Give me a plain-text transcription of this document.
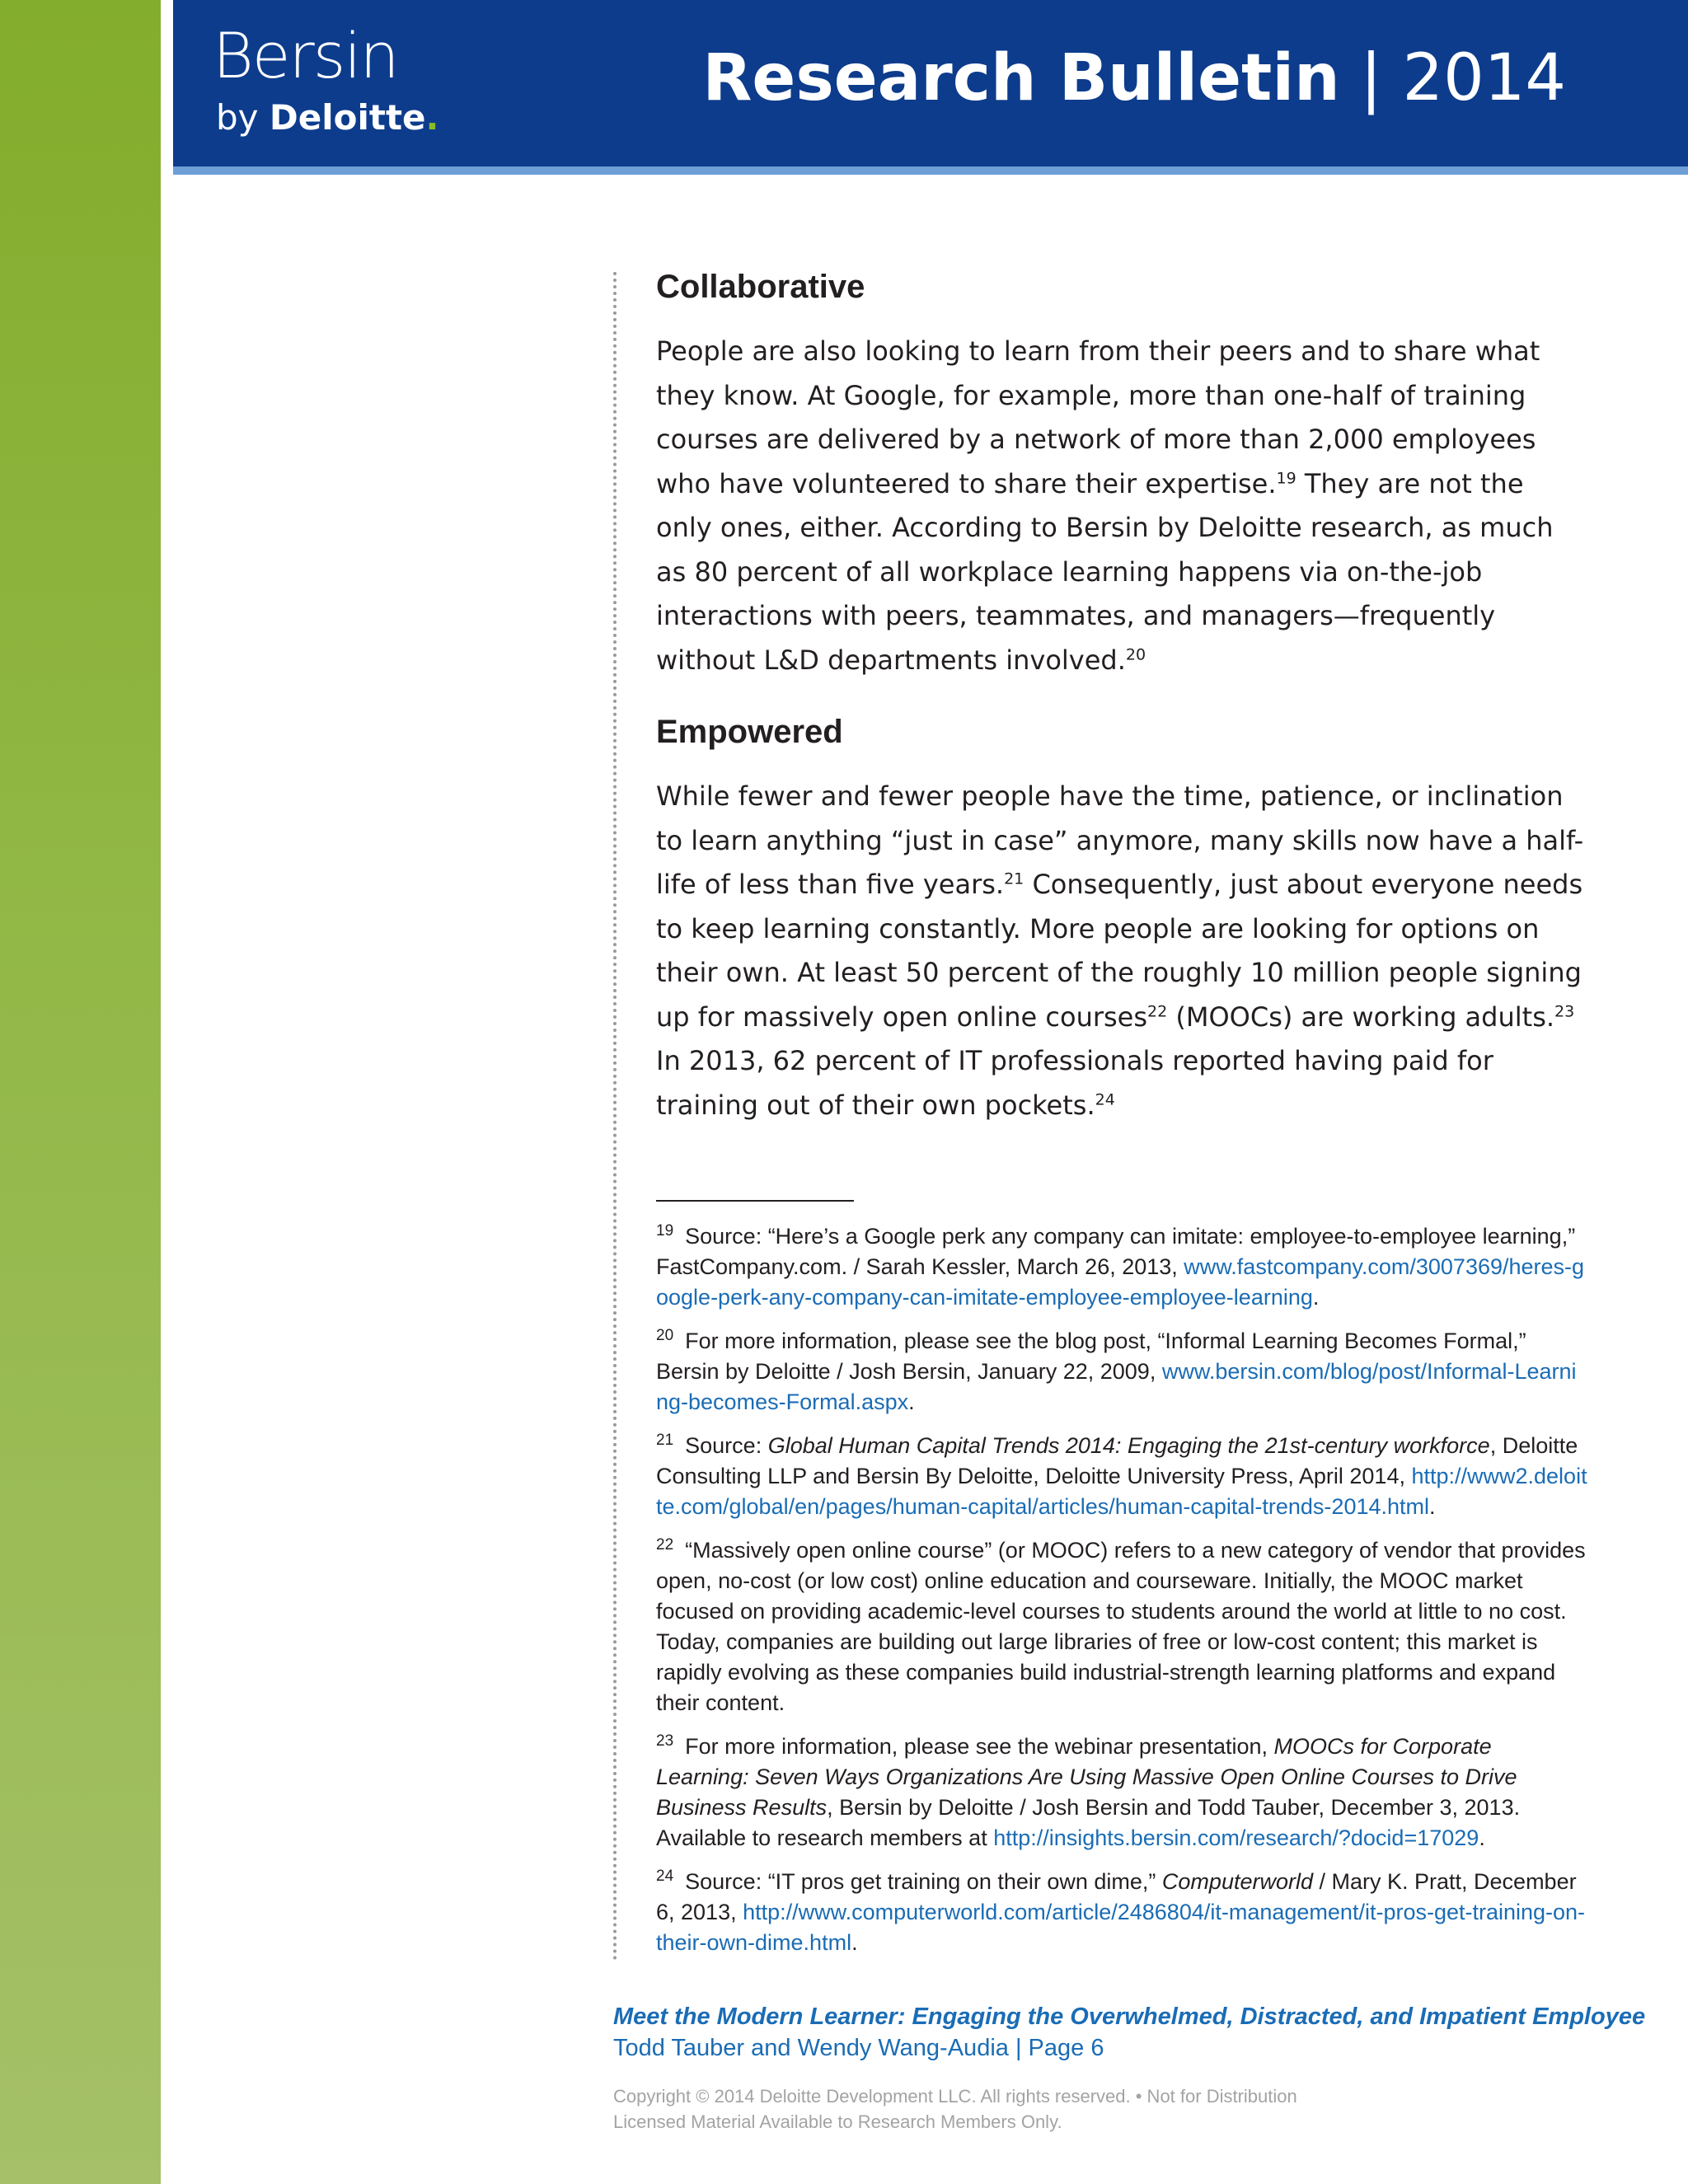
Bersin
by Deloitte.
Research Bulletin | 2014
Collaborative

People are also looking to learn from their peers and to share what they know. At Google, for example, more than one-half of training courses are delivered by a network of more than 2,000 employees who have volunteered to share their expertise.$^{19}$ They are not the only ones, either. According to Bersin by Deloitte research, as much as 80 percent of all workplace learning happens via on-the-job interactions with peers, teammates, and managers—frequently without L&D departments involved.$^{20}$

Empowered

While fewer and fewer people have the time, patience, or inclination to learn anything “just in case” anymore, many skills now have a half-life of less than five years.$^{21}$ Consequently, just about everyone needs to keep learning constantly. More people are looking for options on their own. At least 50 percent of the roughly 10 million people signing up for massively open online courses$^{22}$ (MOOCs) are working adults.$^{23}$ In 2013, 62 percent of IT professionals reported having paid for training out of their own pockets.$^{24}$

$^{19}$ Source: “Here’s a Google perk any company can imitate: employee-to-employee learning,” FastCompany.com. / Sarah Kessler, March 26, 2013, www.fastcompany.com/3007369/heres-google-perk-any-company-can-imitate-employee-employee-learning.
$^{20}$ For more information, please see the blog post, “Informal Learning Becomes Formal,” Bersin by Deloitte / Josh Bersin, January 22, 2009, www.bersin.com/blog/post/Informal-Learning-becomes-Formal.aspx.
$^{21}$ Source: Global Human Capital Trends 2014: Engaging the 21st-century workforce, Deloitte Consulting LLP and Bersin By Deloitte, Deloitte University Press, April 2014, http://www2.deloitte.com/global/en/pages/human-capital/articles/human-capital-trends-2014.html.
$^{22}$ “Massively open online course” (or MOOC) refers to a new category of vendor that provides open, no-cost (or low cost) online education and courseware. Initially, the MOOC market focused on providing academic-level courses to students around the world at little to no cost. Today, companies are building out large libraries of free or low-cost content; this market is rapidly evolving as these companies build industrial-strength learning platforms and expand their content.
$^{23}$ For more information, please see the webinar presentation, MOOCs for Corporate Learning: Seven Ways Organizations Are Using Massive Open Online Courses to Drive Business Results, Bersin by Deloitte / Josh Bersin and Todd Tauber, December 3, 2013. Available to research members at http://insights.bersin.com/research/?docid=17029.
$^{24}$ Source: “IT pros get training on their own dime,” Computerworld / Mary K. Pratt, December 6, 2013, http://www.computerworld.com/article/2486804/it-management/it-pros-get-training-on-their-own-dime.html.
Meet the Modern Learner: Engaging the Overwhelmed, Distracted, and Impatient Employee
Todd Tauber and Wendy Wang-Audia | Page 6
Copyright © 2014 Deloitte Development LLC. All rights reserved. • Not for Distribution
Licensed Material Available to Research Members Only.
